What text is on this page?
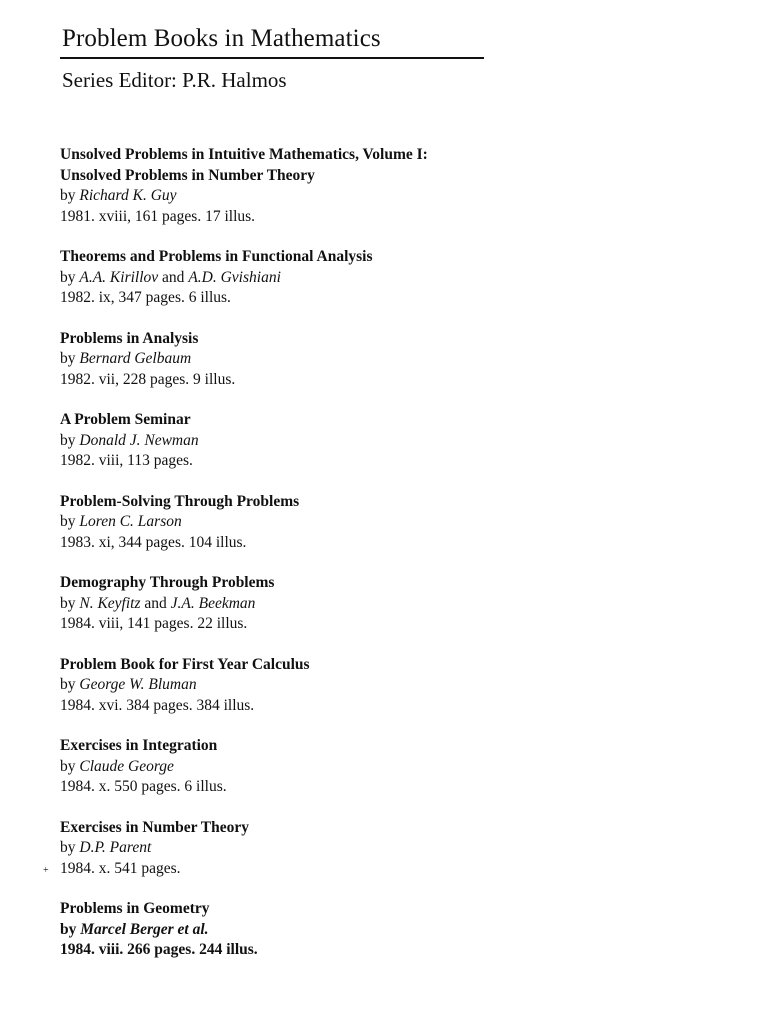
Problem Books in Mathematics
Series Editor: P.R. Halmos
Unsolved Problems in Intuitive Mathematics, Volume I:
Unsolved Problems in Number Theory
by Richard K. Guy
1981. xviii, 161 pages. 17 illus.
Theorems and Problems in Functional Analysis
by A.A. Kirillov and A.D. Gvishiani
1982. ix, 347 pages. 6 illus.
Problems in Analysis
by Bernard Gelbaum
1982. vii, 228 pages. 9 illus.
A Problem Seminar
by Donald J. Newman
1982. viii, 113 pages.
Problem-Solving Through Problems
by Loren C. Larson
1983. xi, 344 pages. 104 illus.
Demography Through Problems
by N. Keyfitz and J.A. Beekman
1984. viii, 141 pages. 22 illus.
Problem Book for First Year Calculus
by George W. Bluman
1984. xvi. 384 pages. 384 illus.
Exercises in Integration
by Claude George
1984. x. 550 pages. 6 illus.
Exercises in Number Theory
by D.P. Parent
1984. x. 541 pages.
Problems in Geometry
by Marcel Berger et al.
1984. viii. 266 pages. 244 illus.
+
